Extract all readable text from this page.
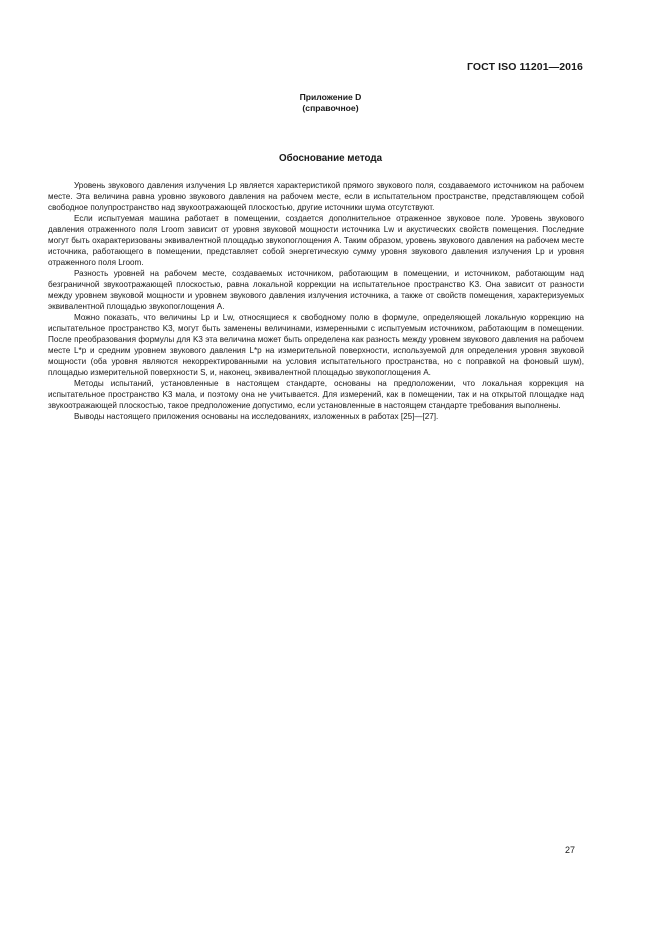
ГОСТ ISO 11201—2016
Приложение D
(справочное)
Обоснование метода

Уровень звукового давления излучения Lp является характеристикой прямого звукового поля, создаваемого источником на рабочем месте. Эта величина равна уровню звукового давления на рабочем месте, если в испытательном пространстве, представляющем собой свободное полупространство над звукоотражающей плоскостью, другие источники шума отсутствуют.

Если испытуемая машина работает в помещении, создается дополнительное отраженное звуковое поле. Уровень звукового давления отраженного поля Lroom зависит от уровня звуковой мощности источника Lw и акустических свойств помещения. Последние могут быть охарактеризованы эквивалентной площадью звукопоглощения A. Таким образом, уровень звукового давления на рабочем месте источника, работающего в помещении, представляет собой энергетическую сумму уровня звукового давления излучения Lp и уровня отраженного поля Lroom.

Разность уровней на рабочем месте, создаваемых источником, работающим в помещении, и источником, работающим над безграничной звукоотражающей плоскостью, равна локальной коррекции на испытательное пространство K3. Она зависит от разности между уровнем звуковой мощности и уровнем звукового давления излучения источника, а также от свойств помещения, характеризуемых эквивалентной площадью звукопоглощения A.

Можно показать, что величины Lp и Lw, относящиеся к свободному полю в формуле, определяющей локальную коррекцию на испытательное пространство K3, могут быть заменены величинами, измеренными с испытуемым источником, работающим в помещении. После преобразования формулы для K3 эта величина может быть определена как разность между уровнем звукового давления на рабочем месте L*p и средним уровнем звукового давления L*p на измерительной поверхности, используемой для определения уровня звуковой мощности (оба уровня являются некорректированными на условия испытательного пространства, но с поправкой на фоновый шум), площадью измерительной поверхности S, и, наконец, эквивалентной площадью звукопоглощения A.

Методы испытаний, установленные в настоящем стандарте, основаны на предположении, что локальная коррекция на испытательное пространство K3 мала, и поэтому она не учитывается. Для измерений, как в помещении, так и на открытой площадке над звукоотражающей плоскостью, такое предположение допустимо, если установленные в настоящем стандарте требования выполнены.

Выводы настоящего приложения основаны на исследованиях, изложенных в работах [25]—[27].

27
